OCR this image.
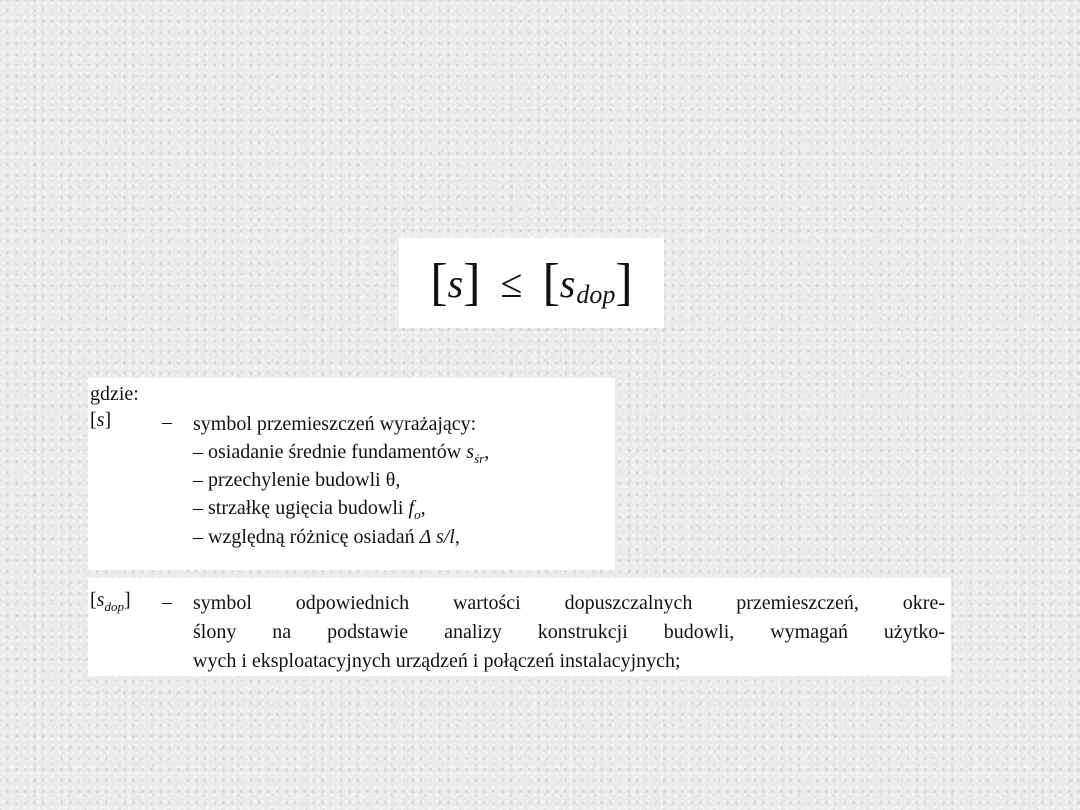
[ s ] ≤ [ s dop ]
gdzie:
[s]	– symbol przemieszczeń wyrażający:
– osiadanie średnie fundamentów $s_{śr}$,
– przechylenie budowli θ,
– strzałkę ugięcia budowli $f_o$,
– względną różnicę osiadań Δ s/l,
$[s_{dop}]$ – symbol odpowiednich wartości dopuszczalnych przemieszczeń, okre-
ślony na podstawie analizy konstrukcji budowli, wymagań użytko-
wych i eksploatacyjnych urządzeń i połączeń instalacyjnych;
